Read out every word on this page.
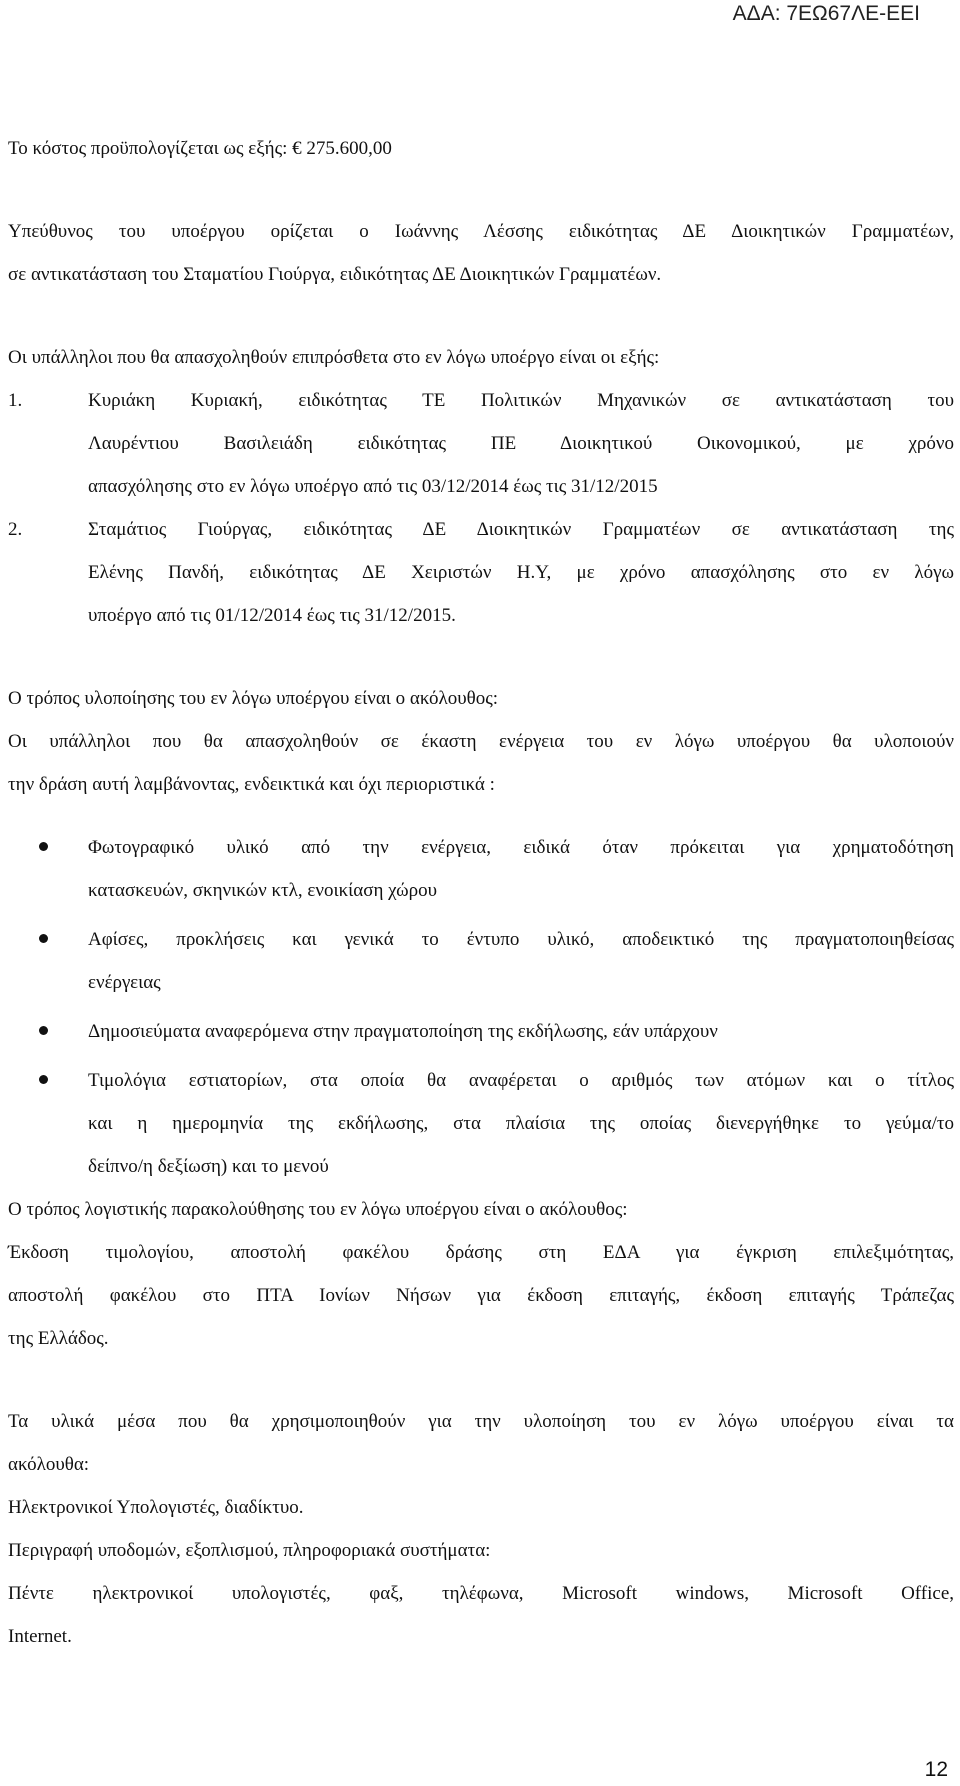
ΑΔΑ: 7ΕΩ67ΛΕ-ΕΕΙ

Το κόστος προϋπολογίζεται ως εξής: € 275.600,00

Υπεύθυνος του υποέργου ορίζεται ο Ιωάννης Λέσσης ειδικότητας ΔΕ Διοικητικών Γραμματέων,

σε αντικατάσταση του Σταματίου Γιούργα, ειδικότητας ΔΕ Διοικητικών Γραμματέων.

Οι υπάλληλοι που θα απασχοληθούν επιπρόσθετα στο εν λόγω υποέργο είναι οι εξής:

1.	Κυριάκη Κυριακή, ειδικότητας ΤΕ Πολιτικών Μηχανικών σε αντικατάσταση του

Λαυρέντιου Βασιλειάδη ειδικότητας ΠΕ Διοικητικού Οικονομικού, με χρόνο

απασχόλησης στο εν λόγω υποέργο από τις 03/12/2014 έως τις 31/12/2015

2.	Σταμάτιος Γιούργας, ειδικότητας ΔΕ Διοικητικών Γραμματέων σε αντικατάσταση της

Ελένης Πανδή, ειδικότητας ΔΕ Χειριστών Η.Υ, με χρόνο απασχόλησης στο εν λόγω

υποέργο από τις 01/12/2014 έως τις 31/12/2015.

Ο τρόπος υλοποίησης του εν λόγω υποέργου είναι ο ακόλουθος:

Οι υπάλληλοι που θα απασχοληθούν σε έκαστη ενέργεια του εν λόγω υποέργου θα υλοποιούν

την δράση αυτή λαμβάνοντας, ενδεικτικά και όχι περιοριστικά :

Φωτογραφικό υλικό από την ενέργεια, ειδικά όταν πρόκειται για χρηματοδότηση

κατασκευών, σκηνικών κτλ, ενοικίαση χώρου

Αφίσες, προκλήσεις και γενικά το έντυπο υλικό, αποδεικτικό της πραγματοποιηθείσας

ενέργειας

Δημοσιεύματα αναφερόμενα στην πραγματοποίηση της εκδήλωσης, εάν υπάρχουν

Τιμολόγια εστιατορίων, στα οποία θα αναφέρεται ο αριθμός των ατόμων και ο τίτλος

και η ημερομηνία της εκδήλωσης, στα πλαίσια της οποίας διενεργήθηκε το γεύμα/το

δείπνο/η δεξίωση) και το μενού

Ο τρόπος λογιστικής παρακολούθησης του εν λόγω υποέργου είναι ο ακόλουθος:

Έκδοση τιμολογίου, αποστολή φακέλου δράσης στη ΕΔΑ για έγκριση επιλεξιμότητας,

αποστολή φακέλου στο ΠΤΑ Ιονίων Νήσων για έκδοση επιταγής, έκδοση επιταγής Τράπεζας

της Ελλάδος.

Τα υλικά μέσα που θα χρησιμοποιηθούν για την υλοποίηση του εν λόγω υποέργου είναι τα

ακόλουθα:

Ηλεκτρονικοί Υπολογιστές, διαδίκτυο.

Περιγραφή υποδομών, εξοπλισμού, πληροφοριακά συστήματα:

Πέντε ηλεκτρονικοί υπολογιστές, φαξ, τηλέφωνα, Microsoft windows, Microsoft Office,

Internet.

12
